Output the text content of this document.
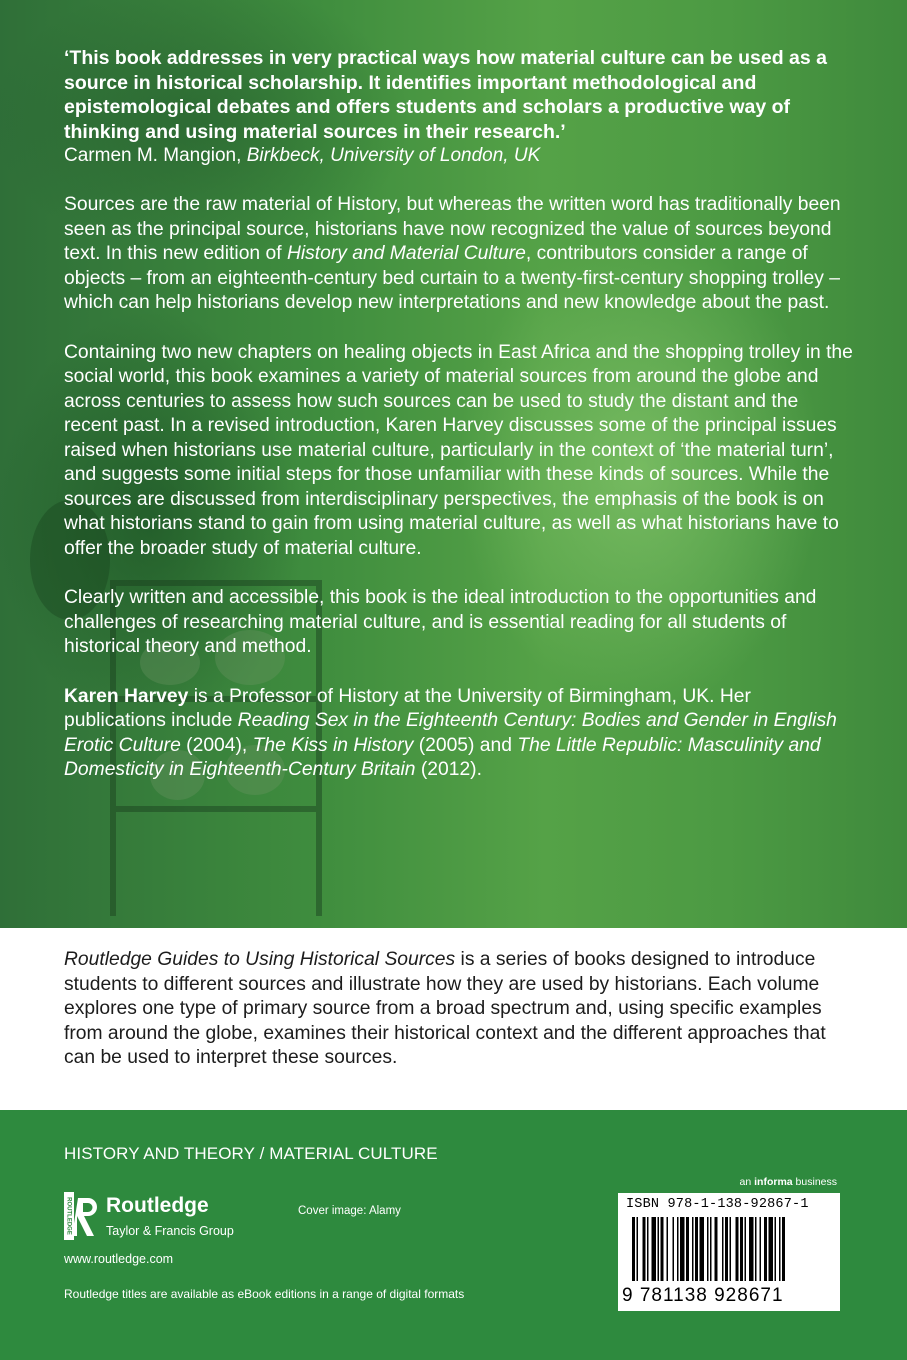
‘This book addresses in very practical ways how material culture can be used as a source in historical scholarship. It identifies important methodological and epistemological debates and offers students and scholars a productive way of thinking and using material sources in their research.’

Carmen M. Mangion, Birkbeck, University of London, UK

Sources are the raw material of History, but whereas the written word has traditionally been seen as the principal source, historians have now recognized the value of sources beyond text. In this new edition of History and Material Culture, contributors consider a range of objects – from an eighteenth-century bed curtain to a twenty-first-century shopping trolley – which can help historians develop new interpretations and new knowledge about the past.

Containing two new chapters on healing objects in East Africa and the shopping trolley in the social world, this book examines a variety of material sources from around the globe and across centuries to assess how such sources can be used to study the distant and the recent past. In a revised introduction, Karen Harvey discusses some of the principal issues raised when historians use material culture, particularly in the context of ‘the material turn’, and suggests some initial steps for those unfamiliar with these kinds of sources. While the sources are discussed from interdisciplinary perspectives, the emphasis of the book is on what historians stand to gain from using material culture, as well as what historians have to offer the broader study of material culture.

Clearly written and accessible, this book is the ideal introduction to the opportunities and challenges of researching material culture, and is essential reading for all students of historical theory and method.

Karen Harvey is a Professor of History at the University of Birmingham, UK. Her publications include Reading Sex in the Eighteenth Century: Bodies and Gender in English Erotic Culture (2004), The Kiss in History (2005) and The Little Republic: Masculinity and Domesticity in Eighteenth-Century Britain (2012).

Routledge Guides to Using Historical Sources is a series of books designed to introduce students to different sources and illustrate how they are used by historians. Each volume explores one type of primary source from a broad spectrum and, using specific examples from around the globe, examines their historical context and the different approaches that can be used to interpret these sources.

HISTORY AND THEORY / MATERIAL CULTURE
ROUTLEDGE Routledge
Taylor & Francis Group
www.routledge.com
Cover image: Alamy
Routledge titles are available as eBook editions in a range of digital formats
an informa business
ISBN 978-1-138-92867-1
9 781138 928671
